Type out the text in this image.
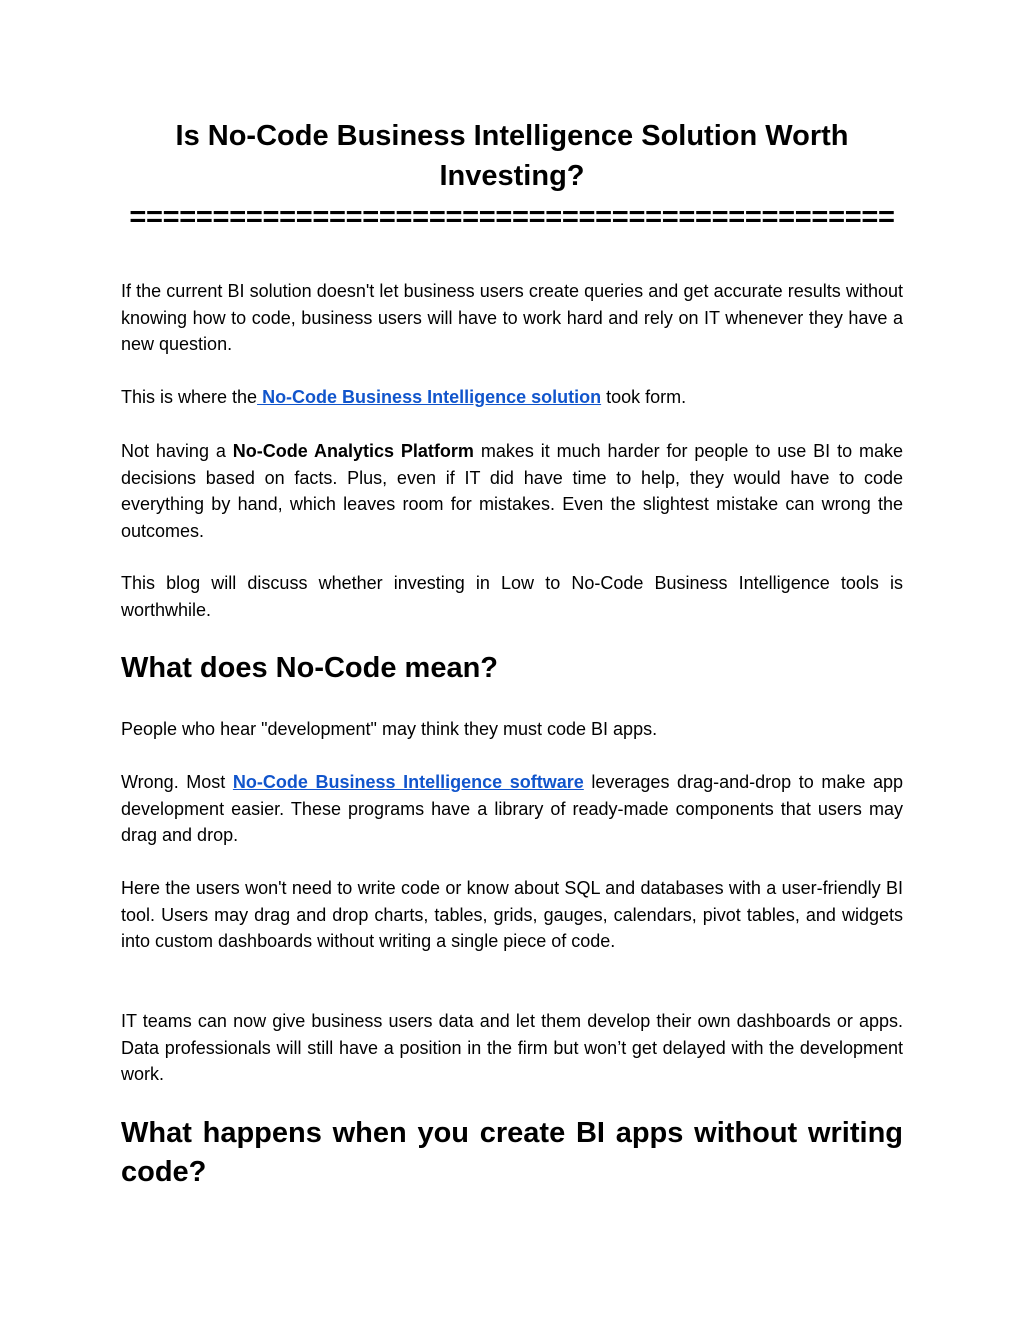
Is No-Code Business Intelligence Solution Worth Investing?
==============================================

If the current BI solution doesn't let business users create queries and get accurate results without knowing how to code, business users will have to work hard and rely on IT whenever they have a new question.

This is where the No-Code Business Intelligence solution took form.

Not having a No-Code Analytics Platform makes it much harder for people to use BI to make decisions based on facts. Plus, even if IT did have time to help, they would have to code everything by hand, which leaves room for mistakes. Even the slightest mistake can wrong the outcomes.

This blog will discuss whether investing in Low to No-Code Business Intelligence tools is worthwhile.

What does No-Code mean?

People who hear "development" may think they must code BI apps.

Wrong. Most No-Code Business Intelligence software leverages drag-and-drop to make app development easier. These programs have a library of ready-made components that users may drag and drop.

Here the users won't need to write code or know about SQL and databases with a user-friendly BI tool. Users may drag and drop charts, tables, grids, gauges, calendars, pivot tables, and widgets into custom dashboards without writing a single piece of code.

IT teams can now give business users data and let them develop their own dashboards or apps. Data professionals will still have a position in the firm but won’t get delayed with the development work.

What happens when you create BI apps without writing code?
